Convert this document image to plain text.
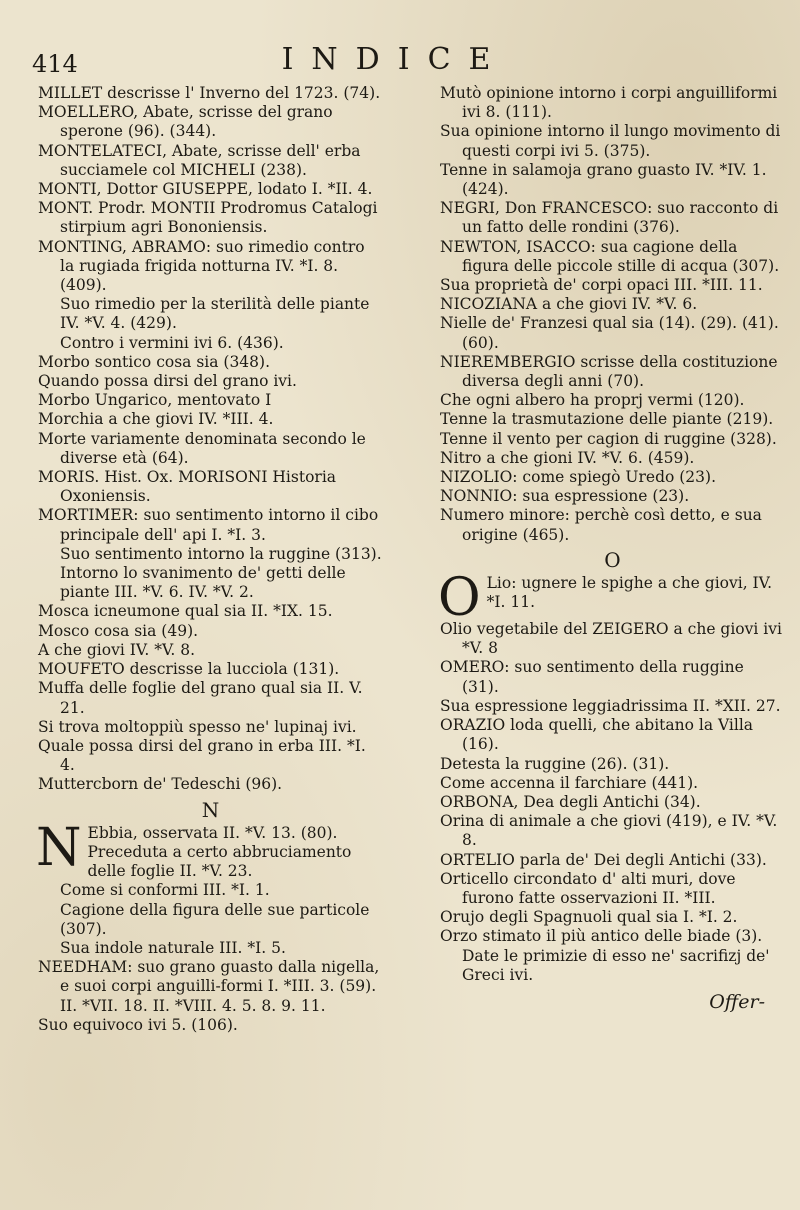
414	INDICE

MILLET descrisse l' Inverno del 1723. (74).

MOELLERO, Abate, scrisse del grano sperone (96). (344).

MONTELATECI, Abate, scrisse dell' erba succiamele col MICHELI (238).

MONTI, Dottor GIUSEPPE, lodato I. *II. 4.

MONT. Prodr. MONTII Prodromus Catalogi stirpium agri Bononiensis.

MONTING, ABRAMO: suo rimedio contro la rugiada frigida notturna IV. *I. 8. (409).

Suo rimedio per la sterilità delle piante IV. *V. 4. (429).

Contro i vermini ivi 6. (436).

Morbo sontico cosa sia (348).

Quando possa dirsi del grano ivi.

Morbo Ungarico, mentovato I

Morchia a che giovi IV. *III. 4.

Morte variamente denominata secondo le diverse età (64).

MORIS. Hist. Ox. MORISONI Historia Oxoniensis.

MORTIMER: suo sentimento intorno il cibo principale dell' api I. *I. 3.

Suo sentimento intorno la ruggine (313).

Intorno lo svanimento de' getti delle piante III. *V. 6. IV. *V. 2.

Mosca icneumone qual sia II. *IX. 15.

Mosco cosa sia (49).

A che giovi IV. *V. 8.

MOUFETO descrisse la lucciola (131).

Muffa delle foglie del grano qual sia II. V. 21.

Si trova moltoppiù spesso ne' lupinaj ivi.

Quale possa dirsi del grano in erba III. *I. 4.

Muttercborn de' Tedeschi (96).

N

N Ebbia, osservata II. *V. 13. (80). Preceduta a certo abbruciamento delle foglie II. *V. 23.

Come si conformi III. *I. 1.

Cagione della figura delle sue particole (307).

Sua indole naturale III. *I. 5.

NEEDHAM: suo grano guasto dalla nigella, e suoi corpi anguilli-formi I. *III. 3. (59). II. *VII. 18. II. *VIII. 4. 5. 8. 9. 11.

Suo equivoco ivi 5. (106).

Mutò opinione intorno i corpi anguilliformi ivi 8. (111).

Sua opinione intorno il lungo movimento di questi corpi ivi 5. (375).

Tenne in salamoja grano guasto IV. *IV. 1. (424).

NEGRI, Don FRANCESCO: suo racconto di un fatto delle rondini (376).

NEWTON, ISACCO: sua cagione della figura delle piccole stille di acqua (307).

Sua proprietà de' corpi opaci III. *III. 11.

NICOZIANA a che giovi IV. *V. 6.

Nielle de' Franzesi qual sia (14). (29). (41). (60).

NIEREMBERGIO scrisse della costituzione diversa degli anni (70).

Che ogni albero ha proprj vermi (120).

Tenne la trasmutazione delle piante (219).

Tenne il vento per cagion di ruggine (328).

Nitro a che gioni IV. *V. 6. (459).

NIZOLIO: come spiegò Uredo (23).

NONNIO: sua espressione (23).

Numero minore: perchè così detto, e sua origine (465).

O

O Lio: ugnere le spighe a che giovi, IV. *I. 11.

Olio vegetabile del ZEIGERO a che giovi ivi *V. 8

OMERO: suo sentimento della ruggine (31).

Sua espressione leggiadrissima II. *XII. 27.

ORAZIO loda quelli, che abitano la Villa (16).

Detesta la ruggine (26). (31).

Come accenna il farchiare (441).

ORBONA, Dea degli Antichi (34).

Orina di animale a che giovi (419), e IV. *V. 8.

ORTELIO parla de' Dei degli Antichi (33).

Orticello circondato d' alti muri, dove furono fatte osservazioni II. *III.

Orujo degli Spagnuoli qual sia I. *I. 2.

Orzo stimato il più antico delle biade (3). Date le primizie di esso ne' sacrifizj de' Greci ivi.

Offer-
